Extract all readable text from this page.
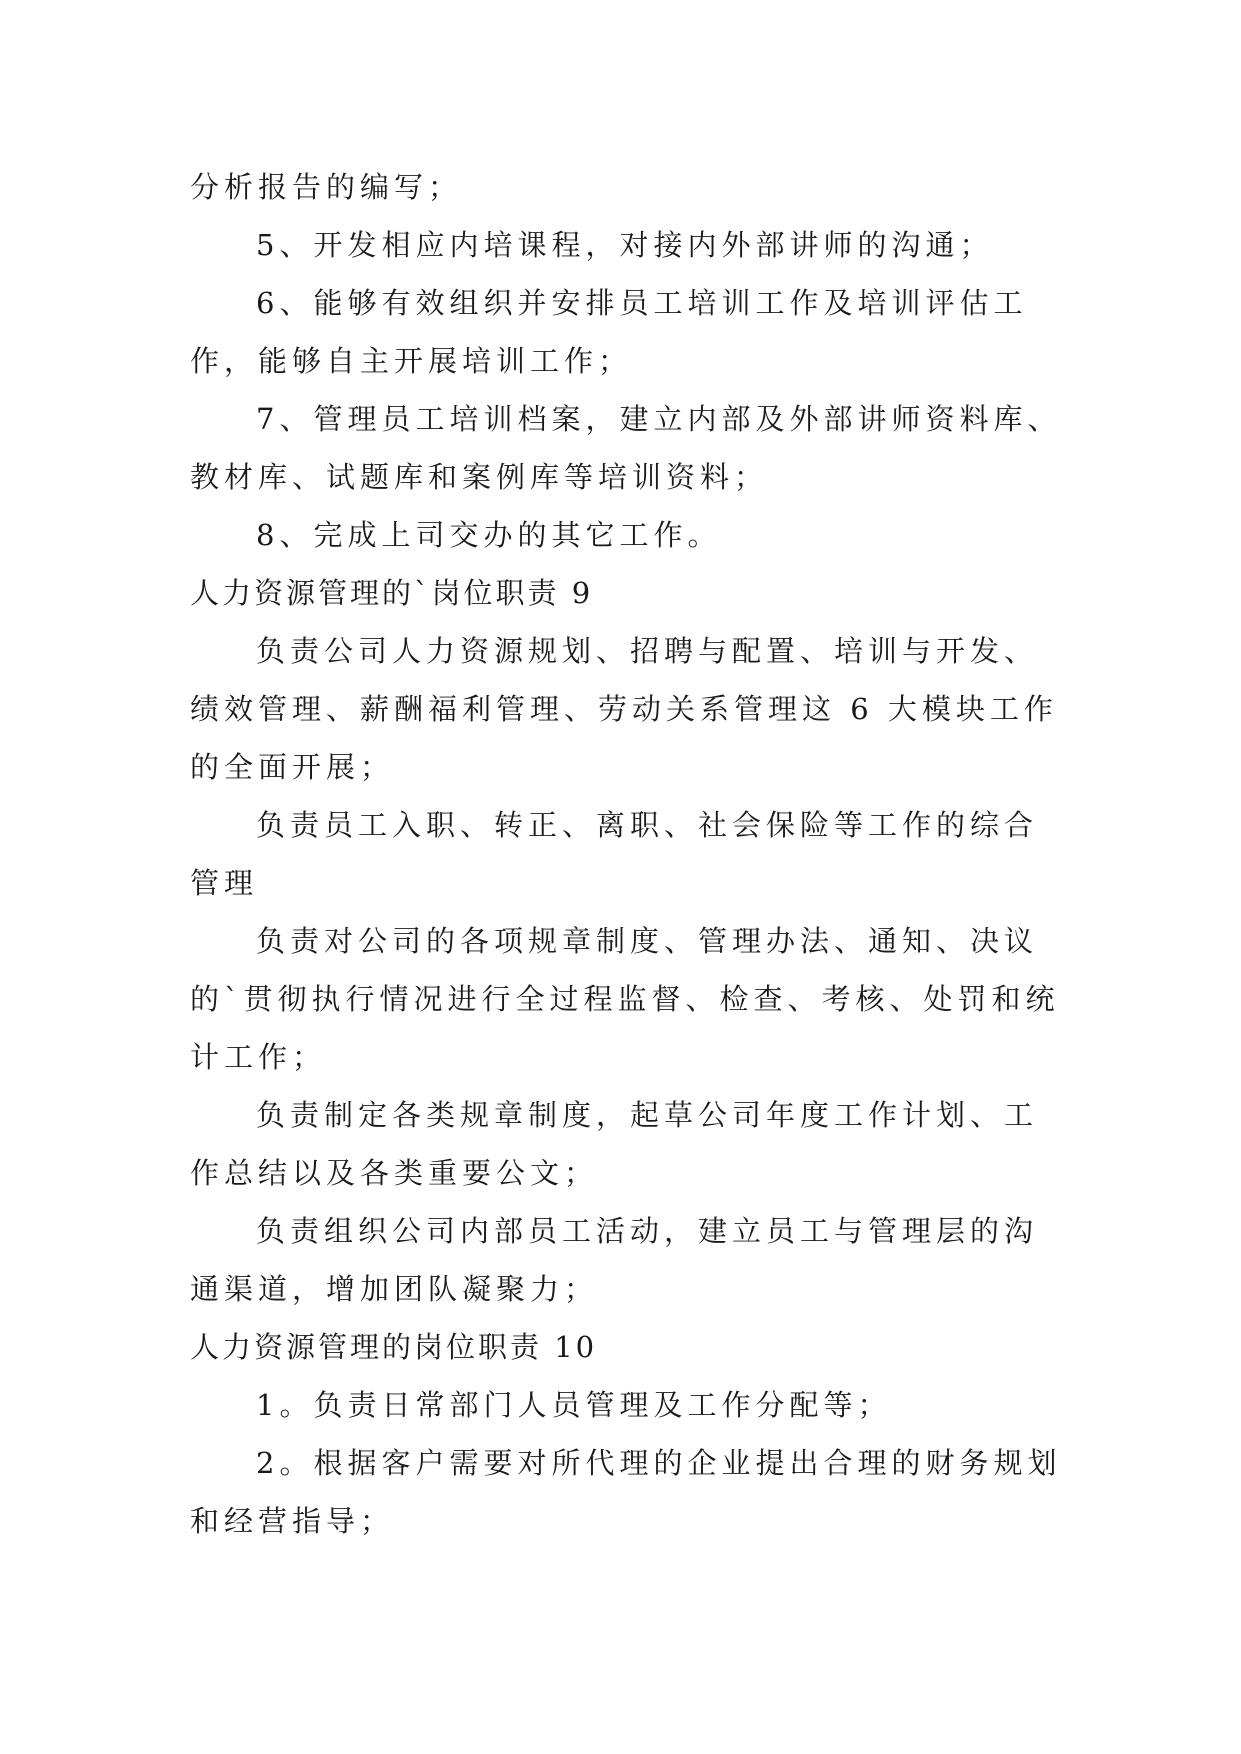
分析报告的编写；

5、开发相应内培课程，对接内外部讲师的沟通；

6、能够有效组织并安排员工培训工作及培训评估工作，能够自主开展培训工作；

7、管理员工培训档案，建立内部及外部讲师资料库、教材库、试题库和案例库等培训资料；

8、完成上司交办的其它工作。

人力资源管理的`岗位职责 9

负责公司人力资源规划、招聘与配置、培训与开发、绩效管理、薪酬福利管理、劳动关系管理这 6 大模块工作的全面开展；

负责员工入职、转正、离职、社会保险等工作的综合管理

负责对公司的各项规章制度、管理办法、通知、决议的`贯彻执行情况进行全过程监督、检查、考核、处罚和统计工作；

负责制定各类规章制度，起草公司年度工作计划、工作总结以及各类重要公文；

负责组织公司内部员工活动，建立员工与管理层的沟通渠道，增加团队凝聚力；

人力资源管理的岗位职责 10

1。负责日常部门人员管理及工作分配等；

2。根据客户需要对所代理的企业提出合理的财务规划和经营指导；
